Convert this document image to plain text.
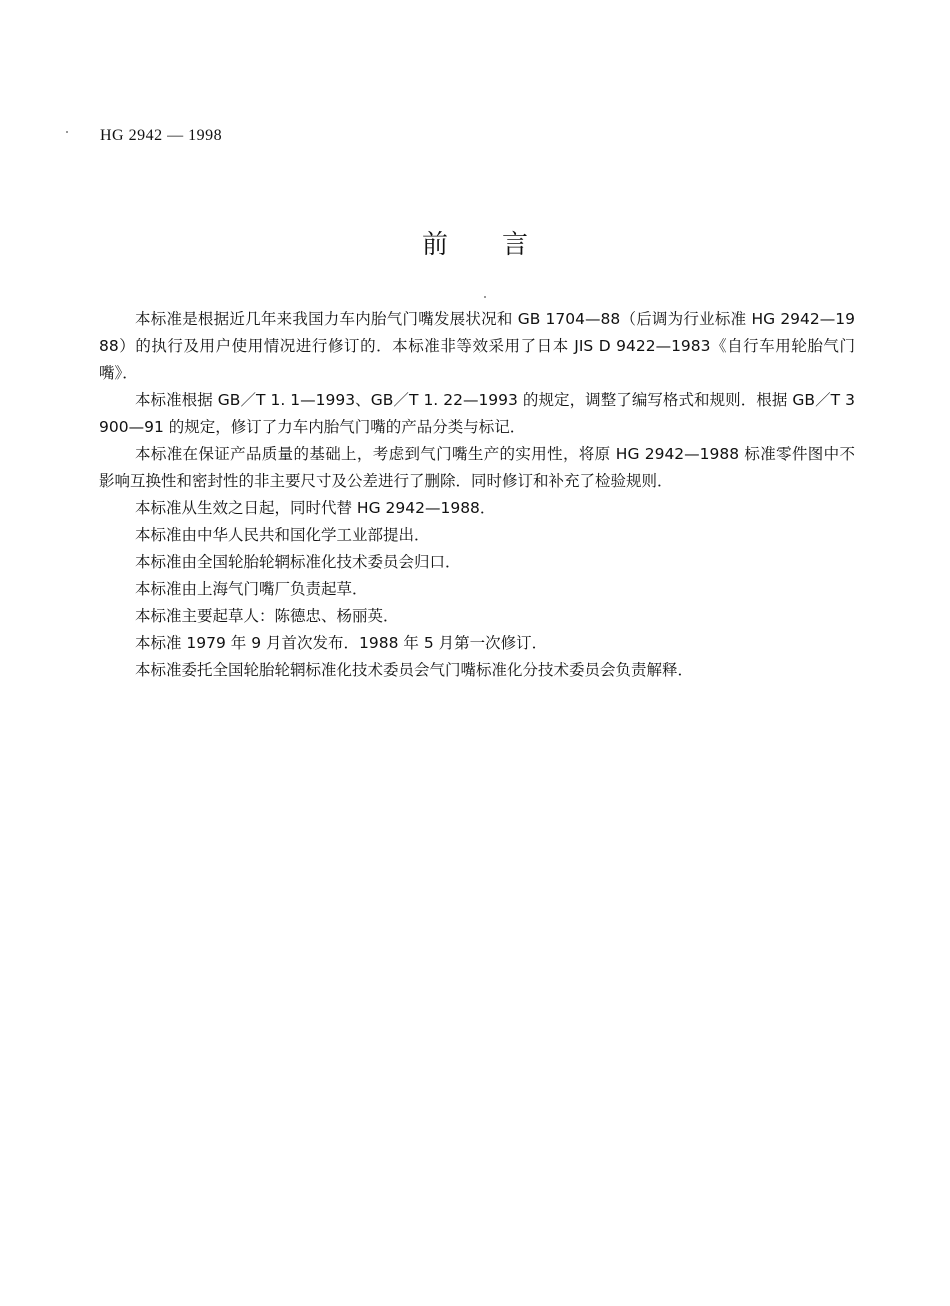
HG 2942 — 1998
前言

本标准是根据近几年来我国力车内胎气门嘴发展状况和 GB 1704—88（后调为行业标准 HG 2942—1988）的执行及用户使用情况进行修订的．本标准非等效采用了日本 JIS D 9422—1983《自行车用轮胎气门嘴》．

本标准根据 GB／T 1. 1—1993、GB／T 1. 22—1993 的规定，调整了编写格式和规则．根据 GB／T 3900—91 的规定，修订了力车内胎气门嘴的产品分类与标记．

本标准在保证产品质量的基础上，考虑到气门嘴生产的实用性，将原 HG 2942—1988 标准零件图中不影响互换性和密封性的非主要尺寸及公差进行了删除．同时修订和补充了检验规则．

本标准从生效之日起，同时代替 HG 2942—1988．

本标准由中华人民共和国化学工业部提出．

本标准由全国轮胎轮辋标准化技术委员会归口．

本标准由上海气门嘴厂负责起草．

本标准主要起草人：陈德忠、杨丽英．

本标准 1979 年 9 月首次发布．1988 年 5 月第一次修订．

本标准委托全国轮胎轮辋标准化技术委员会气门嘴标准化分技术委员会负责解释．
